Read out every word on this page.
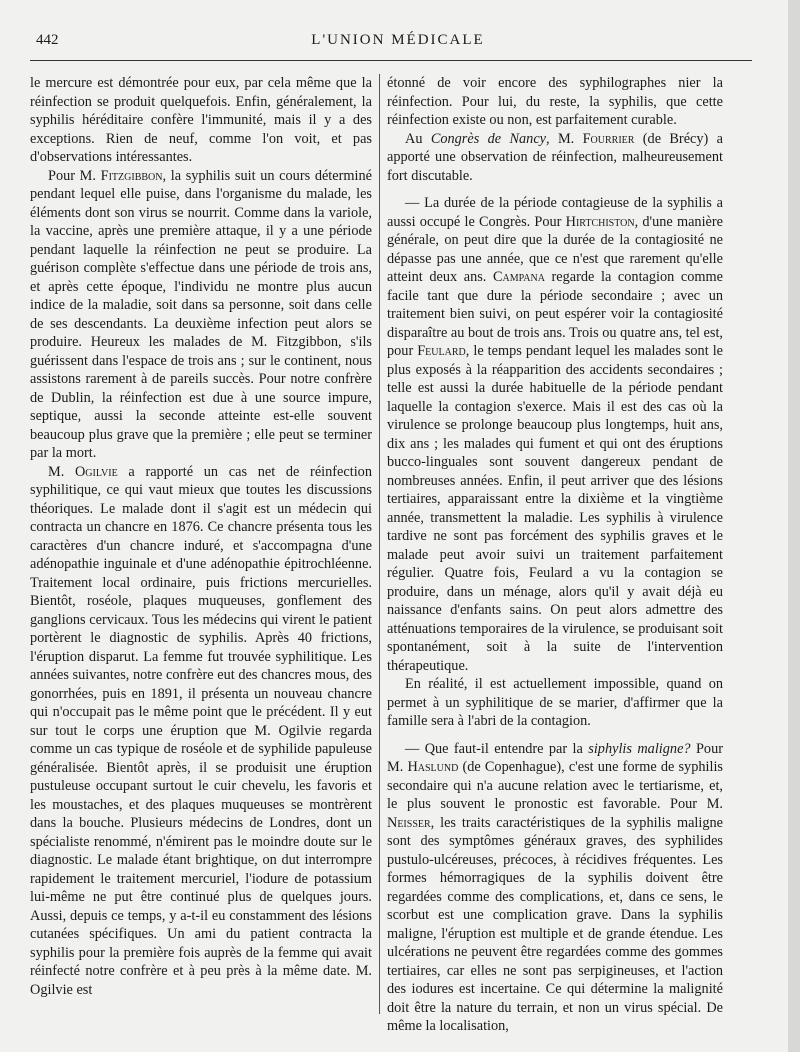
442	L'UNION MÉDICALE

le mercure est démontrée pour eux, par cela même que la réinfection se produit quelquefois. Enfin, généralement, la syphilis héréditaire confère l'immunité, mais il y a des exceptions. Rien de neuf, comme l'on voit, et pas d'observations intéressantes.

Pour M. Fitzgibbon, la syphilis suit un cours déterminé pendant lequel elle puise, dans l'organisme du malade, les éléments dont son virus se nourrit. Comme dans la variole, la vaccine, après une première attaque, il y a une période pendant laquelle la réinfection ne peut se produire. La guérison complète s'effectue dans une période de trois ans, et après cette époque, l'individu ne montre plus aucun indice de la maladie, soit dans sa personne, soit dans celle de ses descendants. La deuxième infection peut alors se produire. Heureux les malades de M. Fitzgibbon, s'ils guérissent dans l'espace de trois ans ; sur le continent, nous assistons rarement à de pareils succès. Pour notre confrère de Dublin, la réinfection est due à une source impure, septique, aussi la seconde atteinte est-elle souvent beaucoup plus grave que la première ; elle peut se terminer par la mort.

M. Ogilvie a rapporté un cas net de réinfection syphilitique, ce qui vaut mieux que toutes les discussions théoriques. Le malade dont il s'agit est un médecin qui contracta un chancre en 1876. Ce chancre présenta tous les caractères d'un chancre induré, et s'accompagna d'une adénopathie inguinale et d'une adénopathie épitrochléenne. Traitement local ordinaire, puis frictions mercurielles. Bientôt, roséole, plaques muqueuses, gonflement des ganglions cervicaux. Tous les médecins qui virent le patient portèrent le diagnostic de syphilis. Après 40 frictions, l'éruption disparut. La femme fut trouvée syphilitique. Les années suivantes, notre confrère eut des chancres mous, des gonorrhées, puis en 1891, il présenta un nouveau chancre qui n'occupait pas le même point que le précédent. Il y eut sur tout le corps une éruption que M. Ogilvie regarda comme un cas typique de roséole et de syphilide papuleuse généralisée. Bientôt après, il se produisit une éruption pustuleuse occupant surtout le cuir chevelu, les favoris et les moustaches, et des plaques muqueuses se montrèrent dans la bouche. Plusieurs médecins de Londres, dont un spécialiste renommé, n'émirent pas le moindre doute sur le diagnostic. Le malade étant brightique, on dut interrompre rapidement le traitement mercuriel, l'iodure de potassium lui-même ne put être continué plus de quelques jours. Aussi, depuis ce temps, y a-t-il eu constamment des lésions cutanées spécifiques. Un ami du patient contracta la syphilis pour la première fois auprès de la femme qui avait réinfecté notre confrère et à peu près à la même date. M. Ogilvie est

étonné de voir encore des syphilographes nier la réinfection. Pour lui, du reste, la syphilis, que cette réinfection existe ou non, est parfaitement curable.

Au Congrès de Nancy, M. Fourrier (de Brécy) a apporté une observation de réinfection, malheureusement fort discutable.

— La durée de la période contagieuse de la syphilis a aussi occupé le Congrès. Pour Hirtchiston, d'une manière générale, on peut dire que la durée de la contagiosité ne dépasse pas une année, que ce n'est que rarement qu'elle atteint deux ans. Campana regarde la contagion comme facile tant que dure la période secondaire ; avec un traitement bien suivi, on peut espérer voir la contagiosité disparaître au bout de trois ans. Trois ou quatre ans, tel est, pour Feulard, le temps pendant lequel les malades sont le plus exposés à la réapparition des accidents secondaires ; telle est aussi la durée habituelle de la période pendant laquelle la contagion s'exerce. Mais il est des cas où la virulence se prolonge beaucoup plus longtemps, huit ans, dix ans ; les malades qui fument et qui ont des éruptions bucco-linguales sont souvent dangereux pendant de nombreuses années. Enfin, il peut arriver que des lésions tertiaires, apparaissant entre la dixième et la vingtième année, transmettent la maladie. Les syphilis à virulence tardive ne sont pas forcément des syphilis graves et le malade peut avoir suivi un traitement parfaitement régulier. Quatre fois, Feulard a vu la contagion se produire, dans un ménage, alors qu'il y avait déjà eu naissance d'enfants sains. On peut alors admettre des atténuations temporaires de la virulence, se produisant soit spontanément, soit à la suite de l'intervention thérapeutique.

En réalité, il est actuellement impossible, quand on permet à un syphilitique de se marier, d'affirmer que la famille sera à l'abri de la contagion.

— Que faut-il entendre par la siphylis maligne? Pour M. Haslund (de Copenhague), c'est une forme de syphilis secondaire qui n'a aucune relation avec le tertiarisme, et, le plus souvent le pronostic est favorable. Pour M. Neisser, les traits caractéristiques de la syphilis maligne sont des symptômes généraux graves, des syphilides pustulo-ulcéreuses, précoces, à récidives fréquentes. Les formes hémorragiques de la syphilis doivent être regardées comme des complications, et, dans ce sens, le scorbut est une complication grave. Dans la syphilis maligne, l'éruption est multiple et de grande étendue. Les ulcérations ne peuvent être regardées comme des gommes tertiaires, car elles ne sont pas serpigineuses, et l'action des iodures est incertaine. Ce qui détermine la malignité doit être la nature du terrain, et non un virus spécial. De même la localisation,
